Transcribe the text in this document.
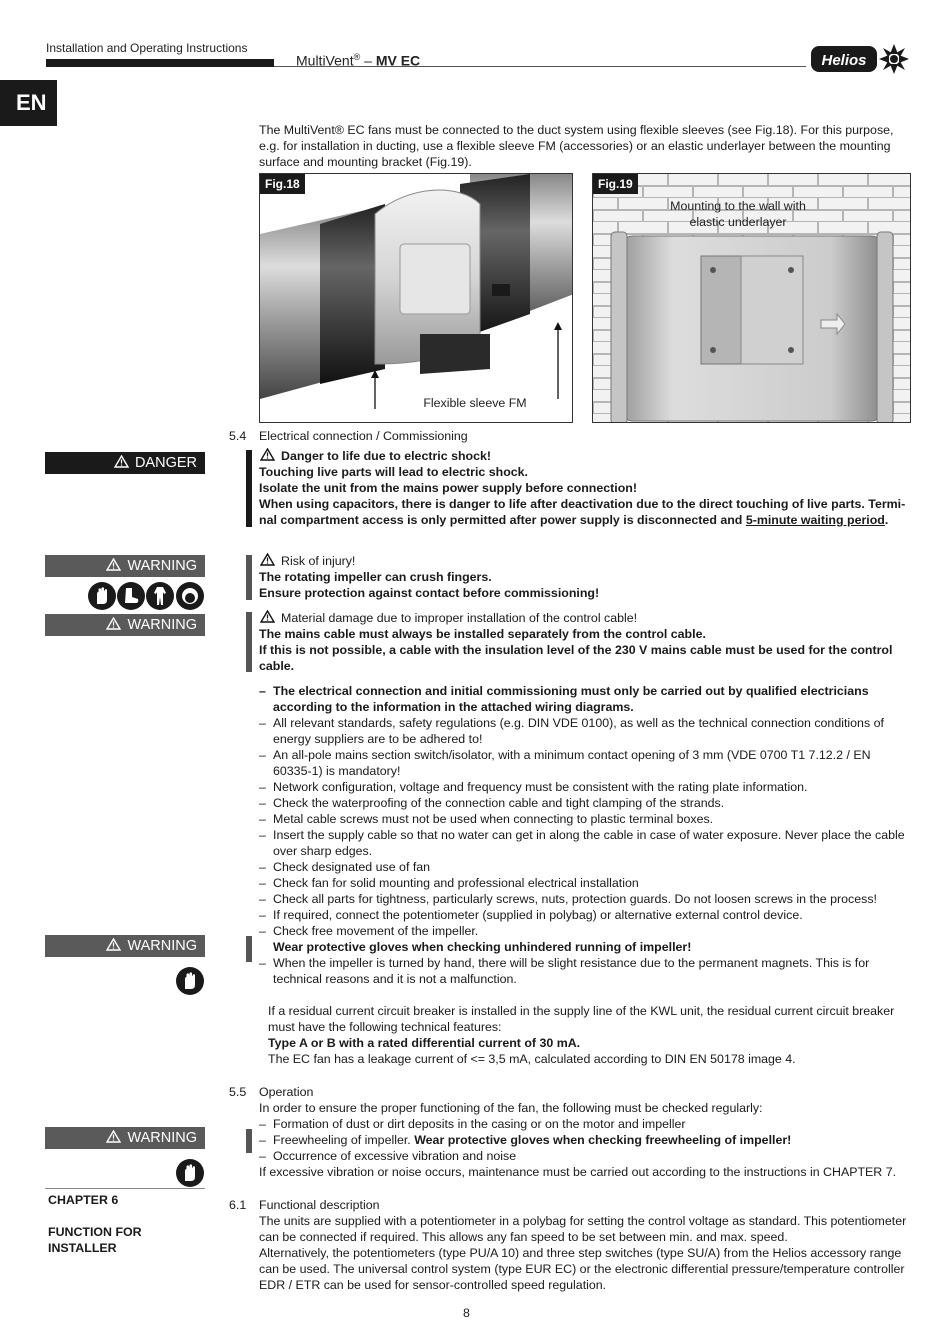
Installation and Operating Instructions
MultiVent® – MV EC	Helios
EN
The MultiVent® EC fans must be connected to the duct system using flexible sleeves (see Fig.18). For this purpose, e.g. for installation in ducting, use a flexible sleeve FM (accessories) or an elastic underlayer between the mounting surface and mounting bracket (Fig.19).
Fig.18
Flexible sleeve FM
Fig.19
Mounting to the wall with
elastic underlayer
5.4 Electrical connection / Commissioning
DANGER	Danger to life due to electric shock!
Touching live parts will lead to electric shock.
Isolate the unit from the mains power supply before connection!
When using capacitors, there is danger to life after deactivation due to the direct touching of live parts. Termi-
nal compartment access is only permitted after power supply is disconnected and 5-minute waiting period.
WARNING	Risk of injury!
The rotating impeller can crush fingers.
Ensure protection against contact before commissioning!
WARNING	Material damage due to improper installation of the control cable!
The mains cable must always be installed separately from the control cable.
If this is not possible, a cable with the insulation level of the 230 V mains cable must be used for the control
cable.
– The electrical connection and initial commissioning must only be carried out by qualified electricians
according to the information in the attached wiring diagrams.
– All relevant standards, safety regulations (e.g. DIN VDE 0100), as well as the technical connection conditions of
energy suppliers are to be adhered to!
– An all-pole mains section switch/isolator, with a minimum contact opening of 3 mm (VDE 0700 T1 7.12.2 / EN
60335-1) is mandatory!
– Network configuration, voltage and frequency must be consistent with the rating plate information.
– Check the waterproofing of the connection cable and tight clamping of the strands.
– Metal cable screws must not be used when connecting to plastic terminal boxes.
– Insert the supply cable so that no water can get in along the cable in case of water exposure. Never place the cable
over sharp edges.
– Check designated use of fan
– Check fan for solid mounting and professional electrical installation
– Check all parts for tightness, particularly screws, nuts, protection guards. Do not loosen screws in the process!
– If required, connect the potentiometer (supplied in polybag) or alternative external control device.
– Check free movement of the impeller.
WARNING	Wear protective gloves when checking unhindered running of impeller!
– When the impeller is turned by hand, there will be slight resistance due to the permanent magnets. This is for
technical reasons and it is not a malfunction.
If a residual current circuit breaker is installed in the supply line of the KWL unit, the residual current circuit breaker
must have the following technical features:
Type A or B with a rated differential current of 30 mA.
The EC fan has a leakage current of <= 3,5 mA, calculated according to DIN EN 50178 image 4.
5.5 Operation
In order to ensure the proper functioning of the fan, the following must be checked regularly:
– Formation of dust or dirt deposits in the casing or on the motor and impeller
WARNING	– Freewheeling of impeller. Wear protective gloves when checking freewheeling of impeller!
– Occurrence of excessive vibration and noise
If excessive vibration or noise occurs, maintenance must be carried out according to the instructions in CHAPTER 7.
CHAPTER 6
FUNCTION FOR
INSTALLER
6.1 Functional description
The units are supplied with a potentiometer in a polybag for setting the control voltage as standard. This potentiometer
can be connected if required. This allows any fan speed to be set between min. and max. speed.
Alternatively, the potentiometers (type PU/A 10) and three step switches (type SU/A) from the Helios accessory range
can be used. The universal control system (type EUR EC) or the electronic differential pressure/temperature controller
EDR / ETR can be used for sensor-controlled speed regulation.
8
